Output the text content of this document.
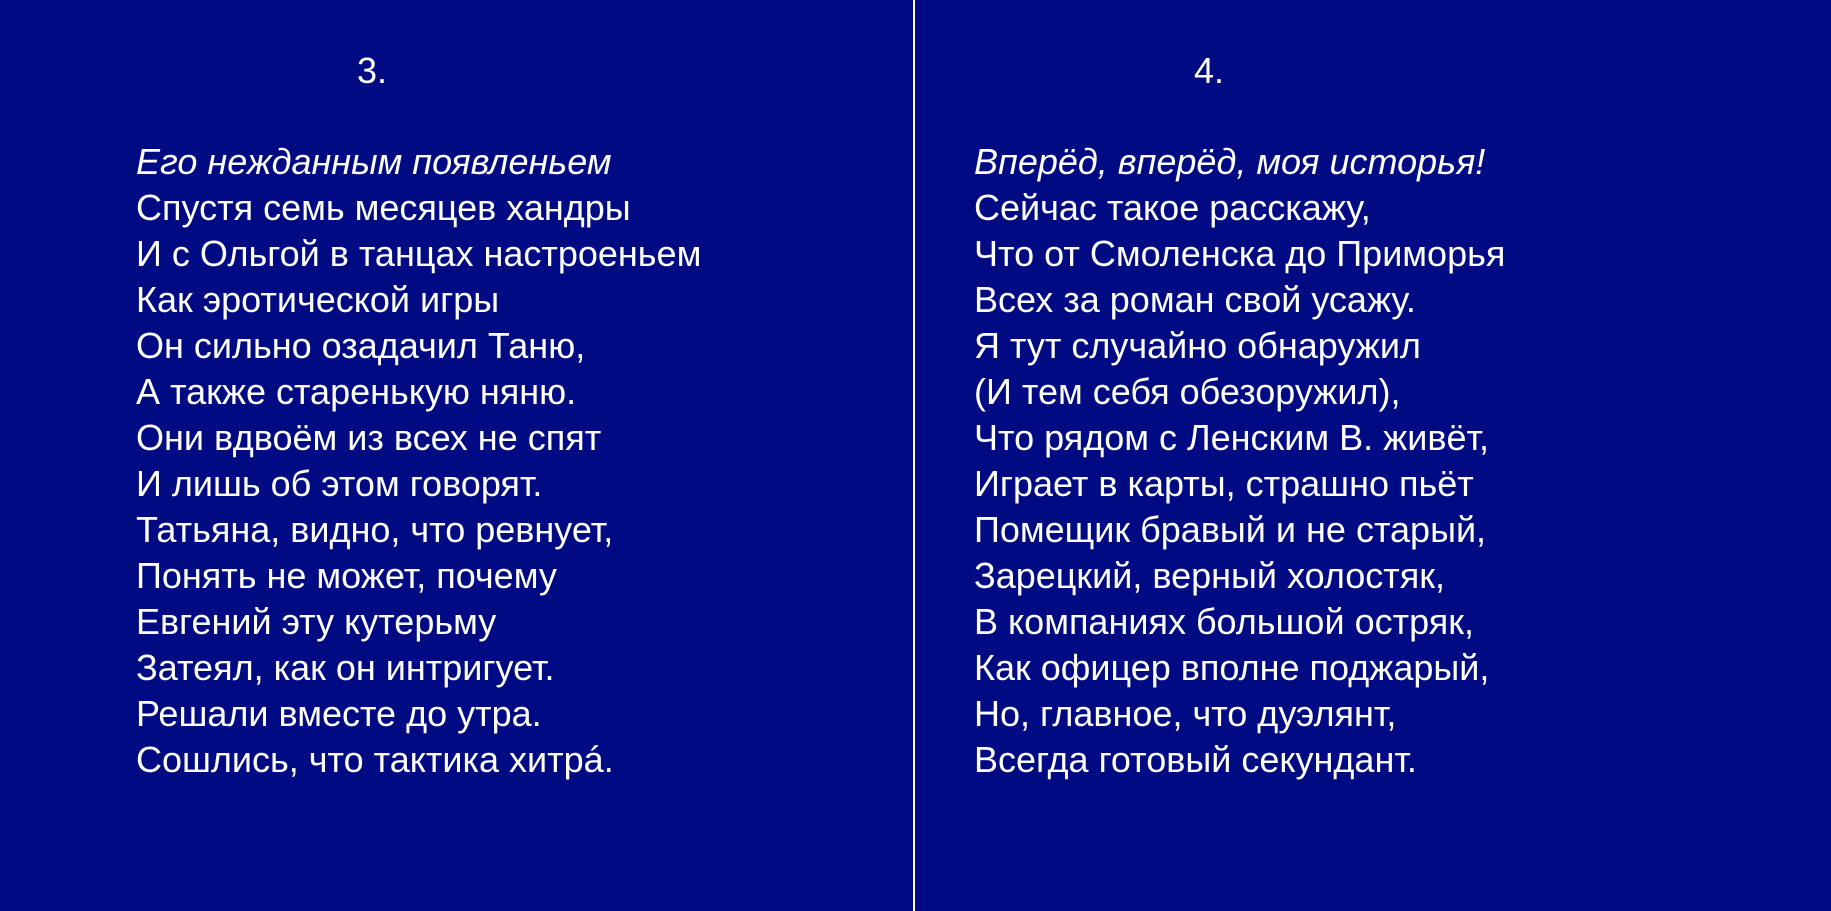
3.
Его нежданным появленьем
Спустя семь месяцев хандры
И с Ольгой в танцах настроеньем
Как эротической игры
Он сильно озадачил Таню,
А также старенькую няню.
Они вдвоём из всех не спят
И лишь об этом говорят.
Татьяна, видно, что ревнует,
Понять не может, почему
Евгений эту кутерьму
Затеял, как он интригует.
Решали вместе до утра.
Сошлись, что тактика хитрá.
4.
Вперёд, вперёд, моя исторья!
Сейчас такое расскажу,
Что от Смоленска до Приморья
Всех за роман свой усажу.
Я тут случайно обнаружил
(И тем себя обезоружил),
Что рядом с Ленским В. живёт,
Играет в карты, страшно пьёт
Помещик бравый и не старый,
Зарецкий, верный холостяк,
В компаниях большой остряк,
Как офицер вполне поджарый,
Но, главное, что дуэлянт,
Всегда готовый секундант.
